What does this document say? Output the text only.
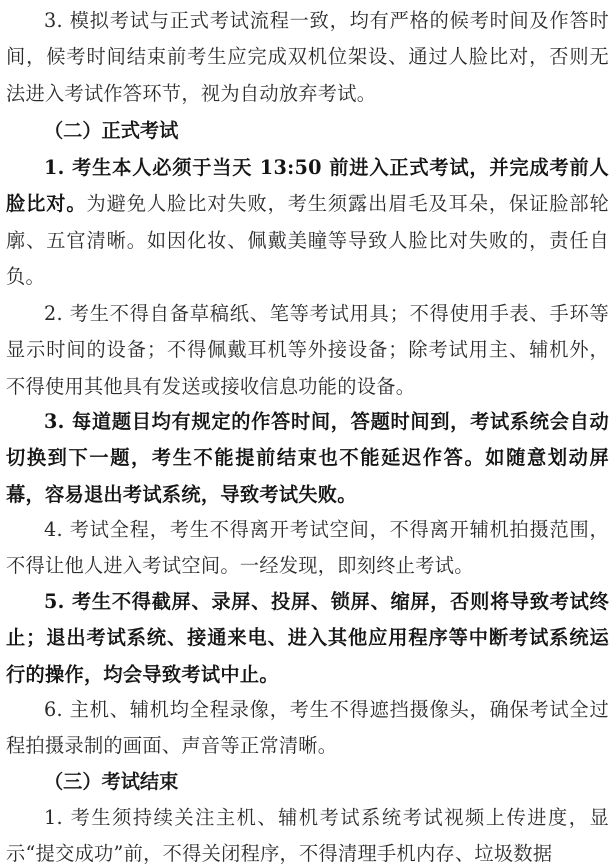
3. 模拟考试与正式考试流程一致，均有严格的候考时间及作答时间，候考时间结束前考生应完成双机位架设、通过人脸比对，否则无法进入考试作答环节，视为自动放弃考试。

（二）正式考试

1. 考生本人必须于当天 13:50 前进入正式考试，并完成考前人脸比对。为避免人脸比对失败，考生须露出眉毛及耳朵，保证脸部轮廓、五官清晰。如因化妆、佩戴美瞳等导致人脸比对失败的，责任自负。

2. 考生不得自备草稿纸、笔等考试用具；不得使用手表、手环等显示时间的设备；不得佩戴耳机等外接设备；除考试用主、辅机外，不得使用其他具有发送或接收信息功能的设备。

3. 每道题目均有规定的作答时间，答题时间到，考试系统会自动切换到下一题，考生不能提前结束也不能延迟作答。如随意划动屏幕，容易退出考试系统，导致考试失败。

4. 考试全程，考生不得离开考试空间，不得离开辅机拍摄范围，不得让他人进入考试空间。一经发现，即刻终止考试。

5. 考生不得截屏、录屏、投屏、锁屏、缩屏，否则将导致考试终止；退出考试系统、接通来电、进入其他应用程序等中断考试系统运行的操作，均会导致考试中止。

6. 主机、辅机均全程录像，考生不得遮挡摄像头，确保考试全过程拍摄录制的画面、声音等正常清晰。

（三）考试结束

1. 考生须持续关注主机、辅机考试系统考试视频上传进度，显示“提交成功”前，不得关闭程序，不得清理手机内存、垃圾数据
